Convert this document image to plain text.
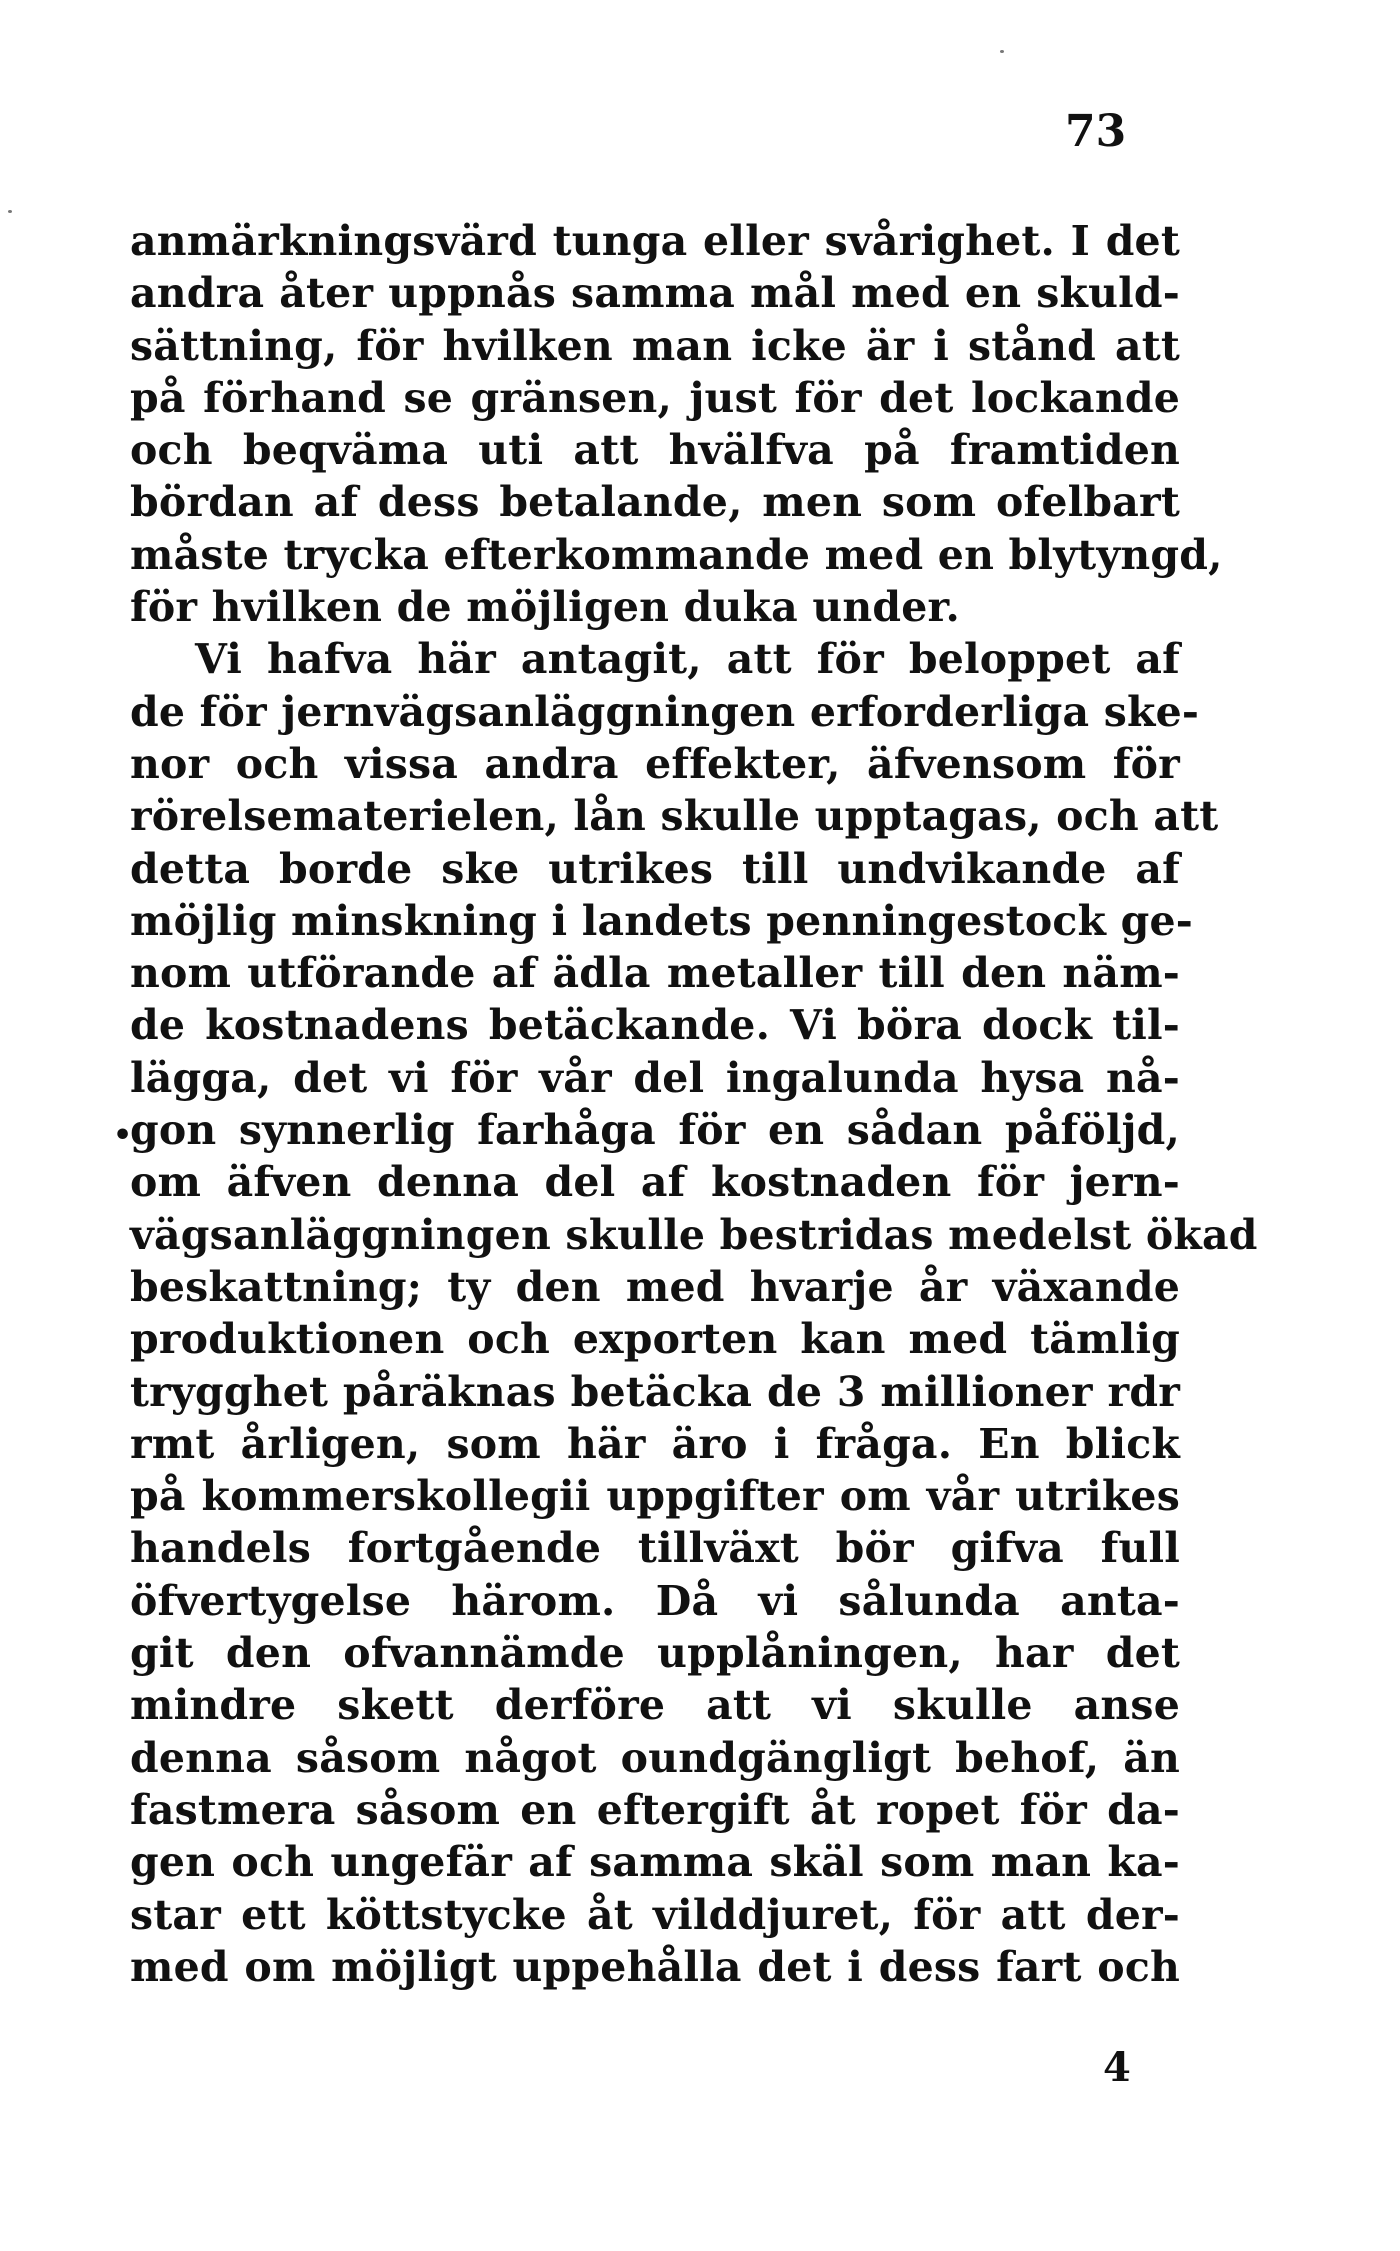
73
•
anmärkningsvärd tunga eller svårighet. I det
andra åter uppnås samma mål med en skuld-
sättning, för hvilken man icke är i stånd att
på förhand se gränsen, just för det lockande
och beqväma uti att hvälfva på framtiden
bördan af dess betalande, men som ofelbart
måste trycka efterkommande med en blytyngd,
för hvilken de möjligen duka under.
Vi hafva här antagit, att för beloppet af
de för jernvägsanläggningen erforderliga ske-
nor och vissa andra effekter, äfvensom för
rörelsematerielen, lån skulle upptagas, och att
detta borde ske utrikes till undvikande af
möjlig minskning i landets penningestock ge-
nom utförande af ädla metaller till den näm-
de kostnadens betäckande. Vi böra dock til-
lägga, det vi för vår del ingalunda hysa nå-
gon synnerlig farhåga för en sådan påföljd,
om äfven denna del af kostnaden för jern-
vägsanläggningen skulle bestridas medelst ökad
beskattning; ty den med hvarje år växande
produktionen och exporten kan med tämlig
trygghet påräknas betäcka de 3 millioner rdr
rmt årligen, som här äro i fråga. En blick
på kommerskollegii uppgifter om vår utrikes
handels fortgående tillväxt bör gifva full
öfvertygelse härom. Då vi sålunda anta-
git den ofvannämde upplåningen, har det
mindre skett derföre att vi skulle anse
denna såsom något oundgängligt behof, än
fastmera såsom en eftergift åt ropet för da-
gen och ungefär af samma skäl som man ka-
star ett köttstycke åt vilddjuret, för att der-
med om möjligt uppehålla det i dess fart och
4
